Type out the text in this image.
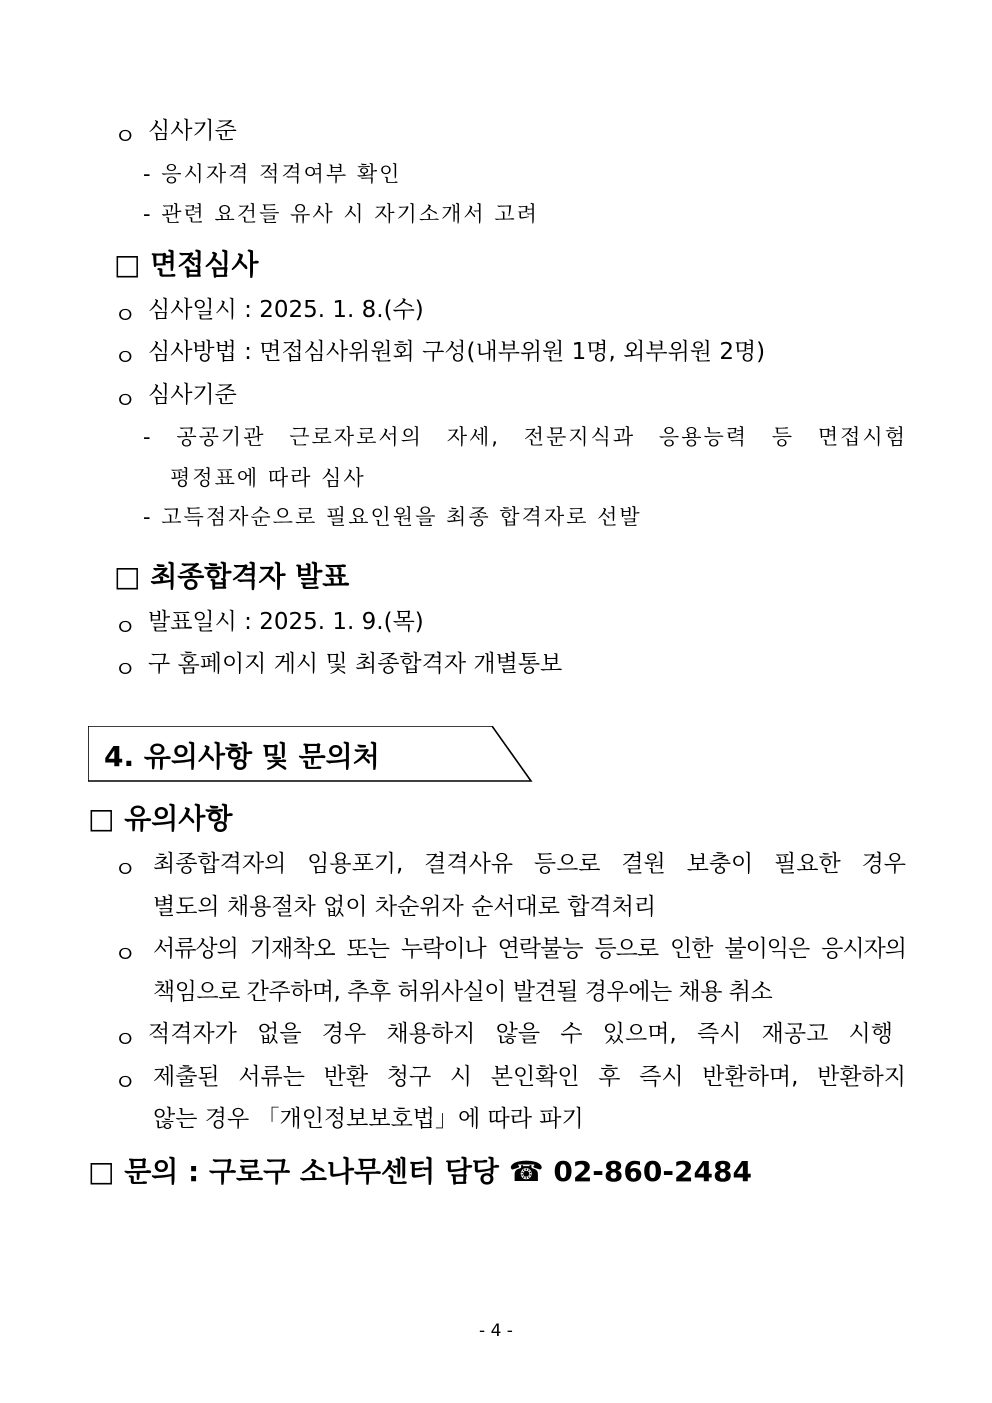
ㅇ 심사기준
- 응시자격 적격여부 확인
- 관련 요건들 유사 시 자기소개서 고려
□ 면접심사
ㅇ 심사일시 : 2025. 1. 8.(수)
ㅇ 심사방법 : 면접심사위원회 구성(내부위원 1명, 외부위원 2명)
ㅇ 심사기준
- 공공기관 근로자로서의 자세, 전문지식과 응용능력 등 면접시험
평정표에 따라 심사
- 고득점자순으로 필요인원을 최종 합격자로 선발
□ 최종합격자 발표
ㅇ 발표일시 : 2025. 1. 9.(목)
ㅇ 구 홈페이지 게시 및 최종합격자 개별통보
4. 유의사항 및 문의처
□ 유의사항
ㅇ 최종합격자의 임용포기, 결격사유 등으로 결원 보충이 필요한 경우
별도의 채용절차 없이 차순위자 순서대로 합격처리
ㅇ 서류상의 기재착오 또는 누락이나 연락불능 등으로 인한 불이익은 응시자의
책임으로 간주하며, 추후 허위사실이 발견될 경우에는 채용 취소
ㅇ 적격자가 없을 경우 채용하지 않을 수 있으며, 즉시 재공고 시행
ㅇ 제출된 서류는 반환 청구 시 본인확인 후 즉시 반환하며, 반환하지
않는 경우 「개인정보보호법」에 따라 파기
□ 문의 : 구로구 소나무센터 담당 ☎ 02-860-2484
- 4 -
